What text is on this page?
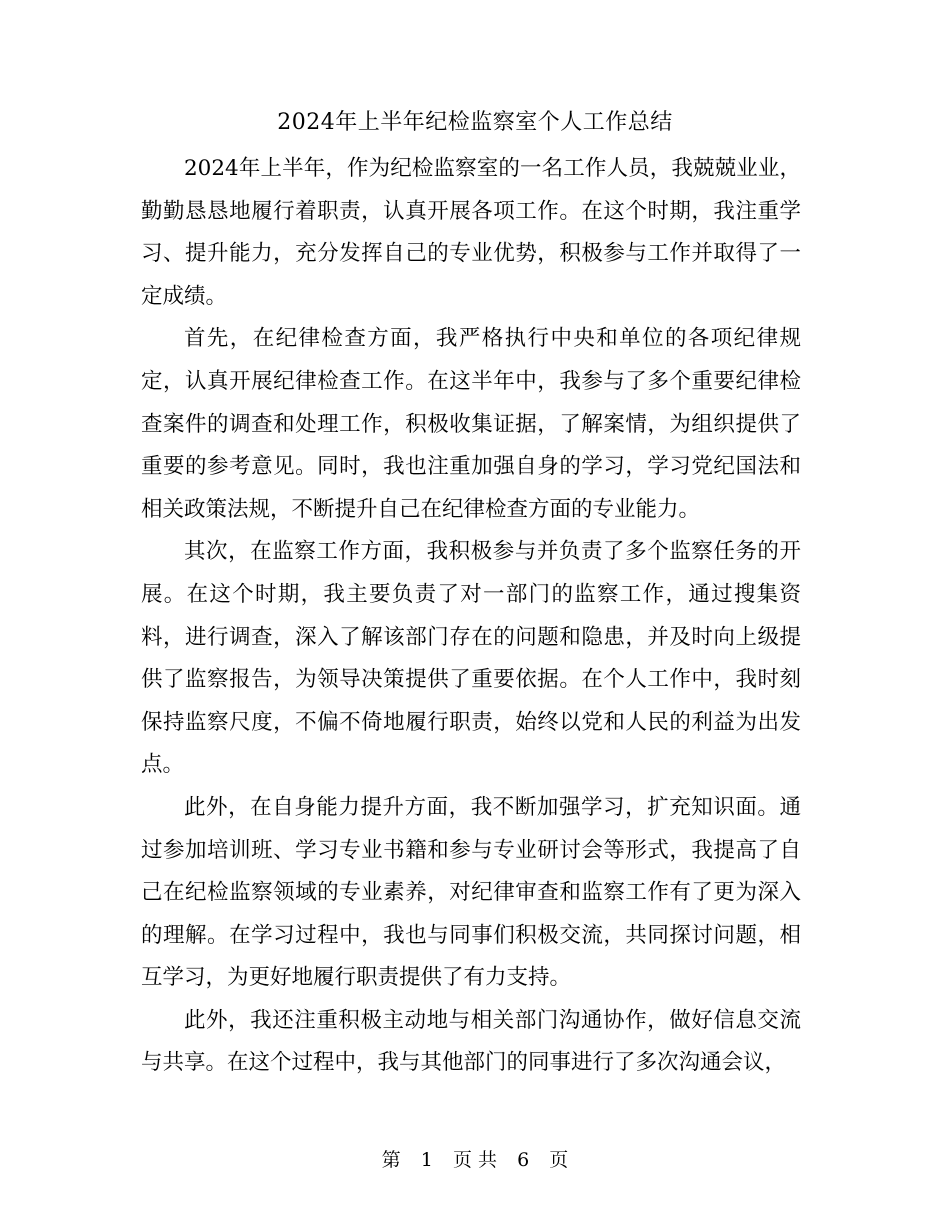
2024年上半年纪检监察室个人工作总结

2024年上半年，作为纪检监察室的一名工作人员，我兢兢业业，勤勤恳恳地履行着职责，认真开展各项工作。在这个时期，我注重学习、提升能力，充分发挥自己的专业优势，积极参与工作并取得了一定成绩。

首先，在纪律检查方面，我严格执行中央和单位的各项纪律规定，认真开展纪律检查工作。在这半年中，我参与了多个重要纪律检查案件的调查和处理工作，积极收集证据，了解案情，为组织提供了重要的参考意见。同时，我也注重加强自身的学习，学习党纪国法和相关政策法规，不断提升自己在纪律检查方面的专业能力。

其次，在监察工作方面，我积极参与并负责了多个监察任务的开展。在这个时期，我主要负责了对一部门的监察工作，通过搜集资料，进行调查，深入了解该部门存在的问题和隐患，并及时向上级提供了监察报告，为领导决策提供了重要依据。在个人工作中，我时刻保持监察尺度，不偏不倚地履行职责，始终以党和人民的利益为出发点。

此外，在自身能力提升方面，我不断加强学习，扩充知识面。通过参加培训班、学习专业书籍和参与专业研讨会等形式，我提高了自己在纪检监察领域的专业素养，对纪律审查和监察工作有了更为深入的理解。在学习过程中，我也与同事们积极交流，共同探讨问题，相互学习，为更好地履行职责提供了有力支持。

此外，我还注重积极主动地与相关部门沟通协作，做好信息交流与共享。在这个过程中，我与其他部门的同事进行了多次沟通会议，

第 1 页 共 6 页
